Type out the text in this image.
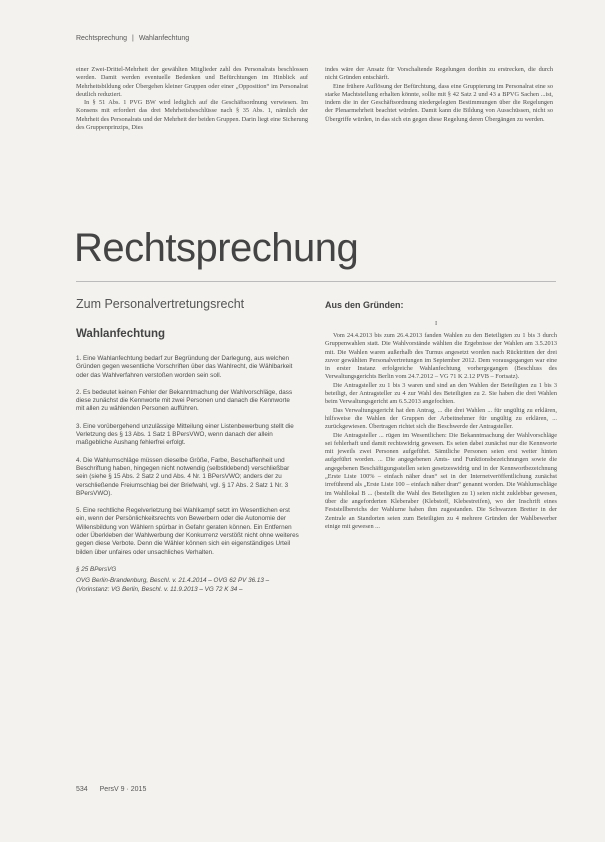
Rechtsprechung | Wahlanfechtung

einer Zwei-Drittel-Mehrheit der gewählten Mitglieder zahl des Personalrats beschlossen werden. Damit werden eventuelle Bedenken und Befürchtungen im Hinblick auf Mehrheitsbildung oder Übergehen kleiner Gruppen oder einer „Opposition“ im Personalrat deutlich reduziert.

In § 51 Abs. 1 PVG BW wird lediglich auf die Geschäftsordnung verwiesen. Im Konsens mit erfordert das drei Mehrheitsbeschlüsse nach § 35 Abs. 1, nämlich der Mehrheit des Personalrats und der Mehrheit der beiden Gruppen. Darin liegt eine Sicherung des Gruppenprinzips, Dies

indes wäre der Ansatz für Vorschaltende Regelungen dorthin zu erstrecken, die durch nicht Gründen entschärft.

Eine frühere Auflösung der Befürchtung, dass eine Gruppierung im Personalrat eine so starke Machtstellung erhalten könnte, sollte mit § 42 Satz 2 und 43 a BPVG Sachen ...ist, indem die in der Geschäftsordnung niedergelegten Bestimmungen über die Regelungen der Plenarmehrheit beachtet würden. Damit kann die Bildung von Ausschüssen, nicht so Übergriffe würden, in das sich ein gegen diese Regelung deren Übergängen zu werden.

Rechtsprechung
Zum Personalvertretungsrecht
Wahlanfechtung
Aus den Gründen:
I
1. Eine Wahlanfechtung bedarf zur Begründung der Darlegung, aus welchen Gründen gegen wesentliche Vorschriften über das Wahlrecht, die Wählbarkeit oder das Wahlverfahren verstoßen worden sein soll.
2. Es bedeutet keinen Fehler der Bekanntmachung der Wahlvorschläge, dass diese zunächst die Kennworte mit zwei Personen und danach die Kennworte mit allen zu wählenden Personen aufführen.
3. Eine vorübergehend unzulässige Mitteilung einer Listenbewerbung stellt die Verletzung des § 13 Abs. 1 Satz 1 BPersVWO, wenn danach der allein maßgebliche Aushang fehlerfrei erfolgt.
4. Die Wahlumschläge müssen dieselbe Größe, Farbe, Beschaffenheit und Beschriftung haben, hingegen nicht notwendig (selbstklebend) verschließbar sein (siehe § 15 Abs. 2 Satz 2 und Abs. 4 Nr. 1 BPersVWO; anders der zu verschließende Freiumschlag bei der Briefwahl, vgl. § 17 Abs. 2 Satz 1 Nr. 3 BPersVWO).
5. Eine rechtliche Regelverletzung bei Wahlkampf setzt im Wesentlichen erst ein, wenn der Persönlichkeitsrechts von Bewerbern oder die Autonomie der Willensbildung von Wählern spürbar in Gefahr geraten können. Ein Entfernen oder Überkleben der Wahlwerbung der Konkurrenz verstößt nicht ohne weiteres gegen diese Verbote. Denn die Wähler können sich ein eigenständiges Urteil bilden über unfaires oder unsachliches Verhalten.
§ 25 BPersVG
OVG Berlin-Brandenburg, Beschl. v. 21.4.2014 – OVG 62 PV 36.13 – (Vorinstanz: VG Berlin, Beschl. v. 11.9.2013 – VG 72 K 34 –

Vom 24.4.2013 bis zum 26.4.2013 fanden Wahlen zu den Beteiligten zu 1 bis 3 durch Gruppenwahlen statt. Die Wahlvorstände wählten die Ergebnisse der Wahlen am 3.5.2013 mit. Die Wahlen waren außerhalb des Turnus angesetzt worden nach Rücktritten der drei zuvor gewählten Personalvertretungen im September 2012. Dem vorausgegangen war eine in erster Instanz erfolgreiche Wahlanfechtung vorhergegangen (Beschluss des Verwaltungsgerichts Berlin vom 24.7.2012 – VG 71 K 2.12 PVB – Fortsatz).

Die Antragsteller zu 1 bis 3 waren und sind an den Wahlen der Beteiligten zu 1 bis 3 beteiligt, der Antragsteller zu 4 zur Wahl des Beteiligten zu 2. Sie haben die drei Wahlen beim Verwaltungsgericht am 6.5.2013 angefochten.

Das Verwaltungsgericht hat den Antrag, ... die drei Wahlen ... für ungültig zu erklären, hilfsweise die Wahlen der Gruppen der Arbeitnehmer für ungültig zu erklären, ... zurückgewiesen. Übertragen richtet sich die Beschwerde der Antragsteller.

Die Antragsteller ... rügen im Wesentlichen: Die Bekanntmachung der Wahlvorschläge sei fehlerhaft und damit rechtswidrig gewesen. Es seien dabei zunächst nur die Kennworte mit jeweils zwei Personen aufgeführt. Sämtliche Personen seien erst weiter hinten aufgeführt worden. ... Die angegebenen Amts- und Funktionsbezeichnungen sowie die angegebenen Beschäftigungsstellen seien gesetzeswidrig und in der Kennwortbezeichnung „Erste Liste 100% – einfach näher dran“ sei in der Internetveröffentlichung zunächst irreführend als „Erste Liste 100 – einfach näher dran“ genannt worden. Die Wahlumschläge im Wahllokal B ... (bestellt die Wahl des Beteiligten zu 1) seien nicht zuklebbar gewesen, über die angeforderten Kleberaber (Klebstoff, Klebestreifen), wo der Inschrift eines Feststellbereichs der Wahlurne haben ihm zugestanden. Die Schwarzen Bretter in der Zentrale an Standorten seien zum Beteiligten zu 4 mehrere Gründen der Wahlbewerber einige mit gewesen ...

534 PersV 9 · 2015
